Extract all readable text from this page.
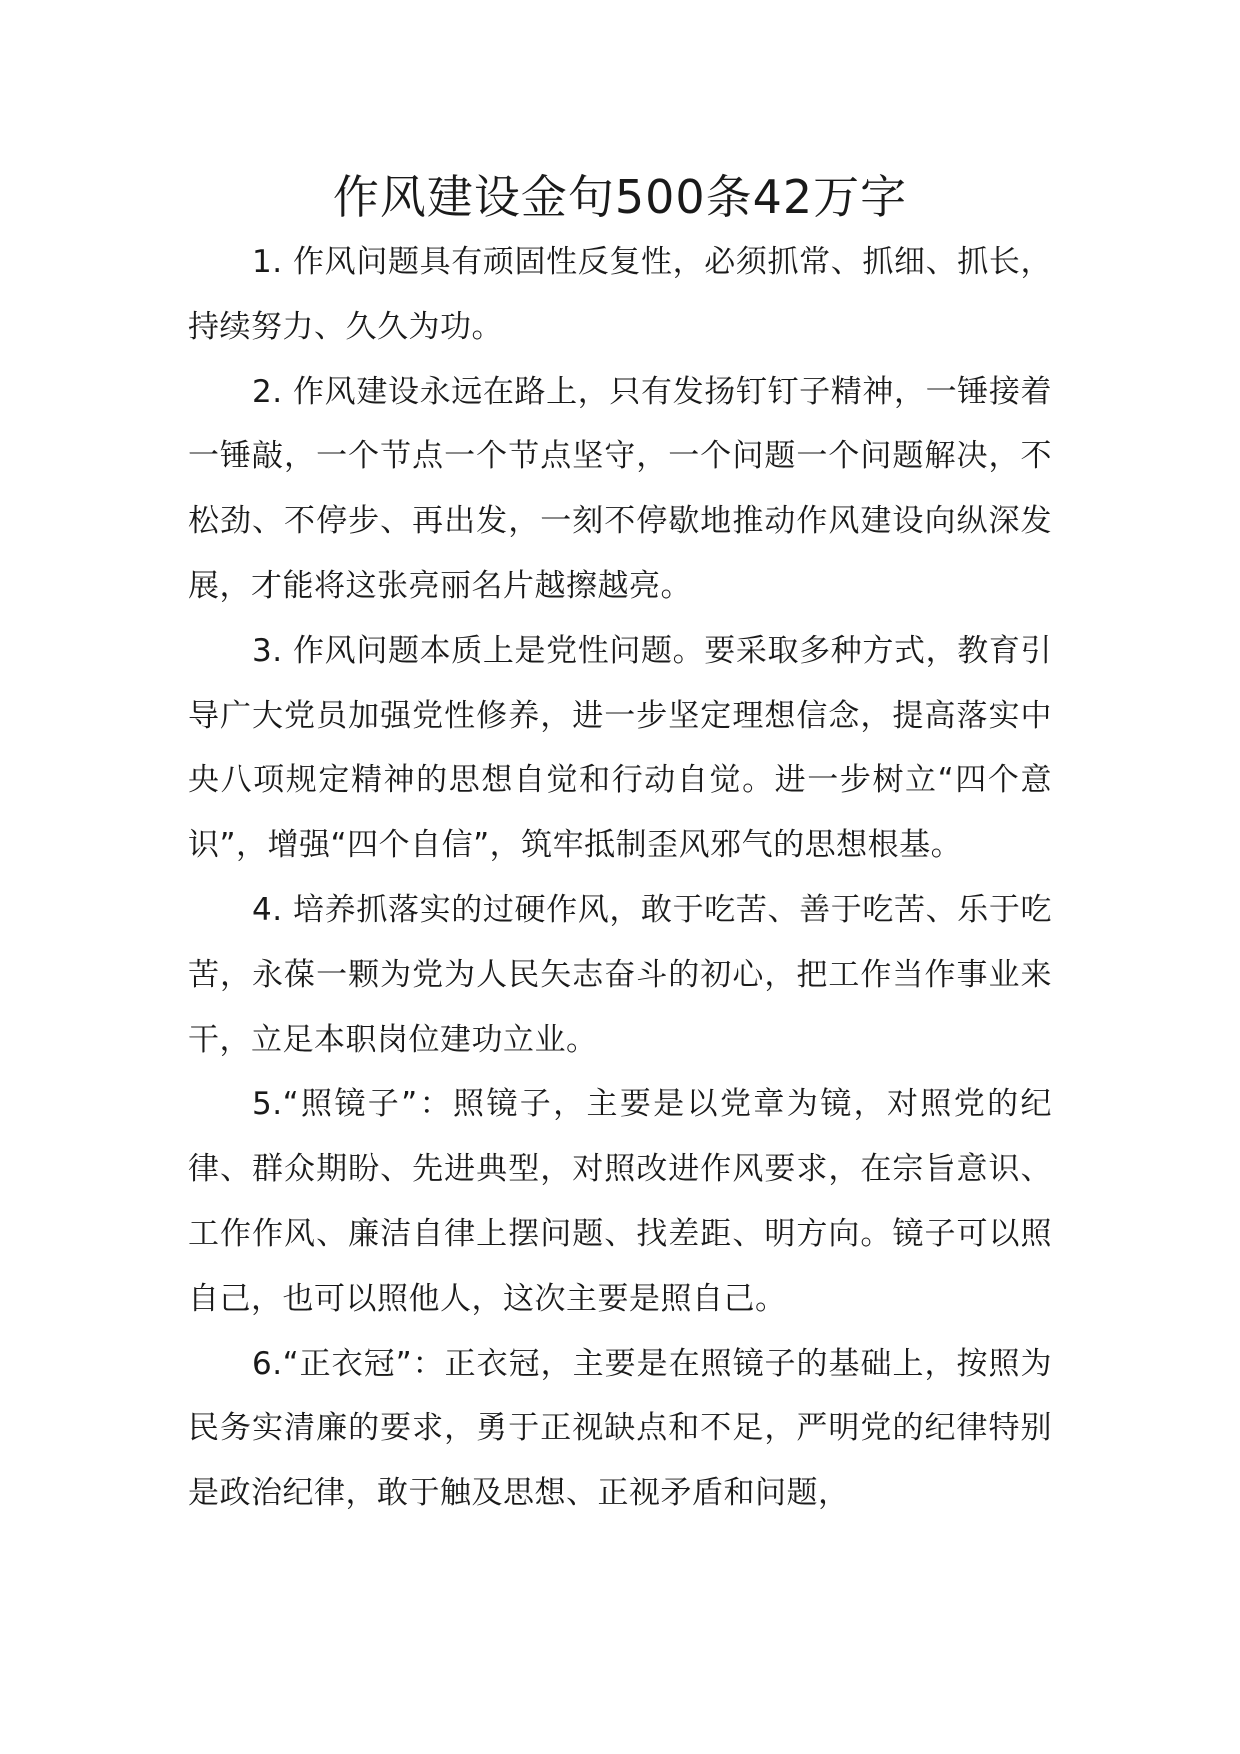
作风建设金句500条42万字

1. 作风问题具有顽固性反复性，必须抓常、抓细、抓长，持续努力、久久为功。

2. 作风建设永远在路上，只有发扬钉钉子精神，一锤接着一锤敲，一个节点一个节点坚守，一个问题一个问题解决，不松劲、不停步、再出发，一刻不停歇地推动作风建设向纵深发展，才能将这张亮丽名片越擦越亮。

3. 作风问题本质上是党性问题。要采取多种方式，教育引导广大党员加强党性修养，进一步坚定理想信念，提高落实中央八项规定精神的思想自觉和行动自觉。进一步树立“四个意识”，增强“四个自信”，筑牢抵制歪风邪气的思想根基。

4. 培养抓落实的过硬作风，敢于吃苦、善于吃苦、乐于吃苦，永葆一颗为党为人民矢志奋斗的初心，把工作当作事业来干，立足本职岗位建功立业。

5.“照镜子”：照镜子，主要是以党章为镜，对照党的纪律、群众期盼、先进典型，对照改进作风要求，在宗旨意识、工作作风、廉洁自律上摆问题、找差距、明方向。镜子可以照自己，也可以照他人，这次主要是照自己。

6.“正衣冠”：正衣冠，主要是在照镜子的基础上，按照为民务实清廉的要求，勇于正视缺点和不足，严明党的纪律特别是政治纪律，敢于触及思想、正视矛盾和问题，
